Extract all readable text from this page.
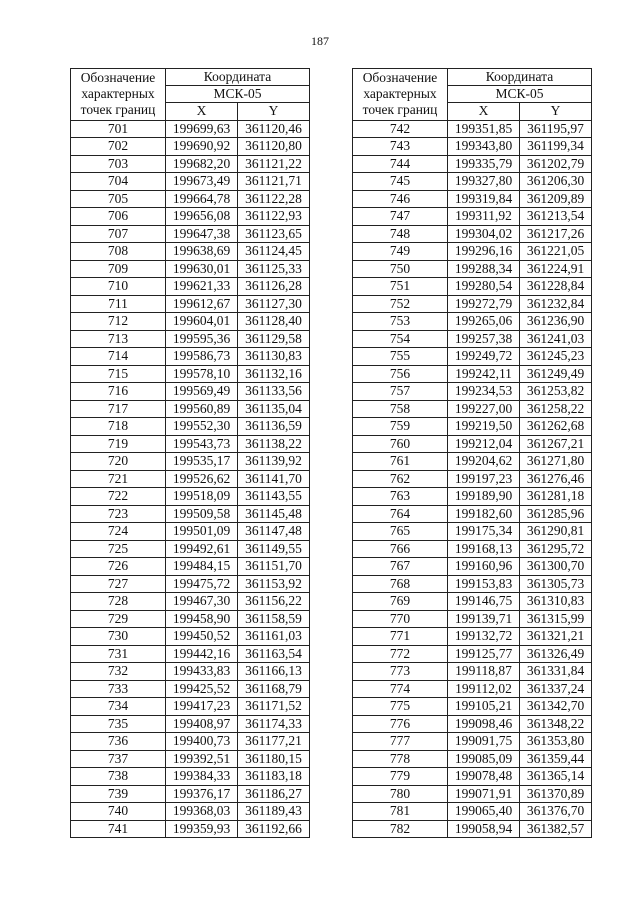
187
Обозначение
характерных
точек границ	Координата	
	МСК-05	
	X	Y
701	199699,63	361120,46
702	199690,92	361120,80
703	199682,20	361121,22
704	199673,49	361121,71
705	199664,78	361122,28
706	199656,08	361122,93
707	199647,38	361123,65
708	199638,69	361124,45
709	199630,01	361125,33
710	199621,33	361126,28
711	199612,67	361127,30
712	199604,01	361128,40
713	199595,36	361129,58
714	199586,73	361130,83
715	199578,10	361132,16
716	199569,49	361133,56
717	199560,89	361135,04
718	199552,30	361136,59
719	199543,73	361138,22
720	199535,17	361139,92
721	199526,62	361141,70
722	199518,09	361143,55
723	199509,58	361145,48
724	199501,09	361147,48
725	199492,61	361149,55
726	199484,15	361151,70
727	199475,72	361153,92
728	199467,30	361156,22
729	199458,90	361158,59
730	199450,52	361161,03
731	199442,16	361163,54
732	199433,83	361166,13
733	199425,52	361168,79
734	199417,23	361171,52
735	199408,97	361174,33
736	199400,73	361177,21
737	199392,51	361180,15
738	199384,33	361183,18
739	199376,17	361186,27
740	199368,03	361189,43
741	199359,93	361192,66
Обозначение
характерных
точек границ	Координата	
	МСК-05	
	X	Y
742	199351,85	361195,97
743	199343,80	361199,34
744	199335,79	361202,79
745	199327,80	361206,30
746	199319,84	361209,89
747	199311,92	361213,54
748	199304,02	361217,26
749	199296,16	361221,05
750	199288,34	361224,91
751	199280,54	361228,84
752	199272,79	361232,84
753	199265,06	361236,90
754	199257,38	361241,03
755	199249,72	361245,23
756	199242,11	361249,49
757	199234,53	361253,82
758	199227,00	361258,22
759	199219,50	361262,68
760	199212,04	361267,21
761	199204,62	361271,80
762	199197,23	361276,46
763	199189,90	361281,18
764	199182,60	361285,96
765	199175,34	361290,81
766	199168,13	361295,72
767	199160,96	361300,70
768	199153,83	361305,73
769	199146,75	361310,83
770	199139,71	361315,99
771	199132,72	361321,21
772	199125,77	361326,49
773	199118,87	361331,84
774	199112,02	361337,24
775	199105,21	361342,70
776	199098,46	361348,22
777	199091,75	361353,80
778	199085,09	361359,44
779	199078,48	361365,14
780	199071,91	361370,89
781	199065,40	361376,70
782	199058,94	361382,57
